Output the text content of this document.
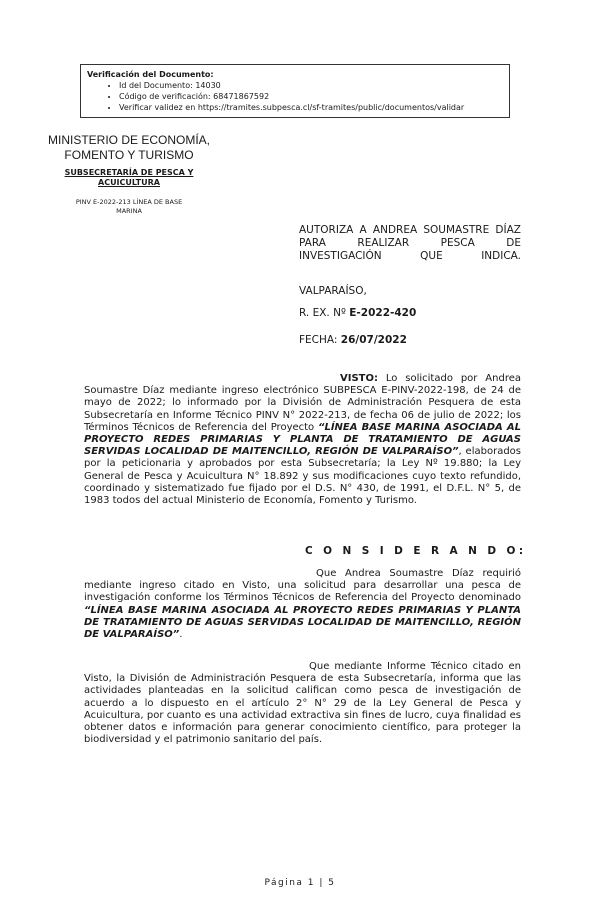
Verificación del Documento:
• Id del Documento: 14030
• Código de verificación: 68471867592
• Verificar validez en https://tramites.subpesca.cl/sf-tramites/public/documentos/validar
MINISTERIO DE ECONOMÍA,
FOMENTO Y TURISMO
SUBSECRETARÍA DE PESCA Y
ACUICULTURA
PINV E-2022-213 LÍNEA DE BASE
MARINA
AUTORIZA A ANDREA SOUMASTRE DÍAZ PARA REALIZAR PESCA DE INVESTIGACIÓN QUE INDICA.
VALPARAÍSO,
R. EX. Nº E-2022-420
FECHA: 26/07/2022
VISTO: Lo solicitado por Andrea Soumastre Díaz mediante ingreso electrónico SUBPESCA E-PINV-2022-198, de 24 de mayo de 2022; lo informado por la División de Administración Pesquera de esta Subsecretaría en Informe Técnico PINV N° 2022-213, de fecha 06 de julio de 2022; los Términos Técnicos de Referencia del Proyecto “LÍNEA BASE MARINA ASOCIADA AL PROYECTO REDES PRIMARIAS Y PLANTA DE TRATAMIENTO DE AGUAS SERVIDAS LOCALIDAD DE MAITENCILLO, REGIÓN DE VALPARAÍSO”, elaborados por la peticionaria y aprobados por esta Subsecretaría; la Ley Nº 19.880; la Ley General de Pesca y Acuicultura N° 18.892 y sus modificaciones cuyo texto refundido, coordinado y sistematizado fue fijado por el D.S. N° 430, de 1991, el D.F.L. N° 5, de 1983 todos del actual Ministerio de Economía, Fomento y Turismo.
C O N S I D E R A N D O:
Que Andrea Soumastre Díaz requirió mediante ingreso citado en Visto, una solicitud para desarrollar una pesca de investigación conforme los Términos Técnicos de Referencia del Proyecto denominado “LÍNEA BASE MARINA ASOCIADA AL PROYECTO REDES PRIMARIAS Y PLANTA DE TRATAMIENTO DE AGUAS SERVIDAS LOCALIDAD DE MAITENCILLO, REGIÓN DE VALPARAÍSO”.
Que mediante Informe Técnico citado en Visto, la División de Administración Pesquera de esta Subsecretaría, informa que las actividades planteadas en la solicitud califican como pesca de investigación de acuerdo a lo dispuesto en el artículo 2° N° 29 de la Ley General de Pesca y Acuicultura, por cuanto es una actividad extractiva sin fines de lucro, cuya finalidad es obtener datos e información para generar conocimiento científico, para proteger la biodiversidad y el patrimonio sanitario del país.
Página 1 | 5
